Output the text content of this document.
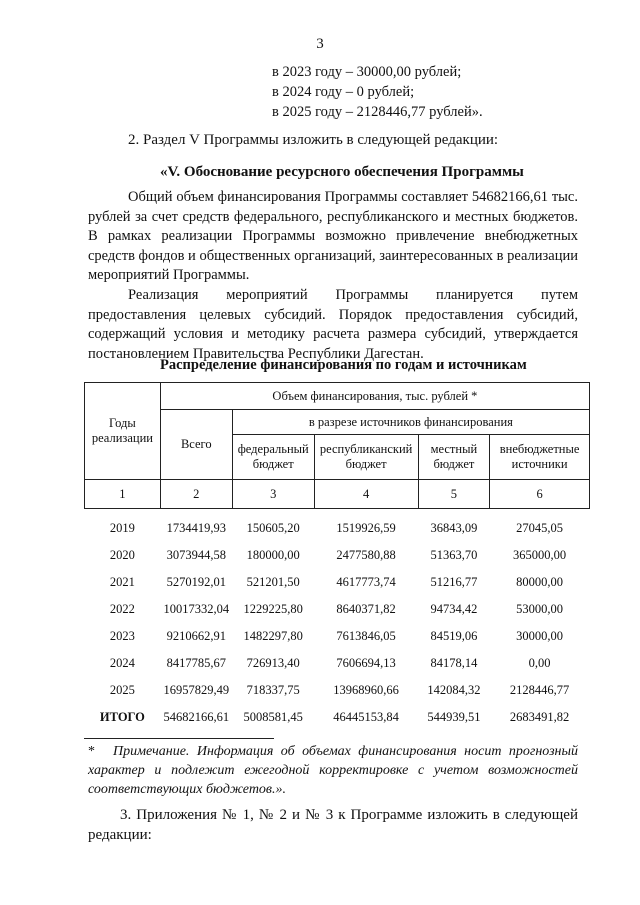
3
в 2023 году – 30000,00 рублей;
в 2024 году – 0 рублей;
в 2025 году – 2128446,77 рублей».
2. Раздел V Программы изложить в следующей редакции:
«V. Обоснование ресурсного обеспечения Программы
Общий объем финансирования Программы составляет 54682166,61 тыс. рублей за счет средств федерального, республиканского и местных бюджетов. В рамках реализации Программы возможно привлечение внебюджетных средств фондов и общественных организаций, заинтересованных в реализации мероприятий Программы.
Реализация мероприятий Программы планируется путем предоставления целевых субсидий. Порядок предоставления субсидий, содержащий условия и методику расчета размера субсидий, утверждается постановлением Правительства Республики Дагестан.
Распределение финансирования по годам и источникам
Годы реализации	Объем финансирования, тыс. рублей *				
	Всего	в разрезе источников финансирования			
		федеральный бюджет	республиканский бюджет	местный бюджет	внебюджетные источники
1	2	3	4	5	6
2019	1734419,93	150605,20	1519926,59	36843,09	27045,05
2020	3073944,58	180000,00	2477580,88	51363,70	365000,00
2021	5270192,01	521201,50	4617773,74	51216,77	80000,00
2022	10017332,04	1229225,80	8640371,82	94734,42	53000,00
2023	9210662,91	1482297,80	7613846,05	84519,06	30000,00
2024	8417785,67	726913,40	7606694,13	84178,14	0,00
2025	16957829,49	718337,75	13968960,66	142084,32	2128446,77
ИТОГО	54682166,61	5008581,45	46445153,84	544939,51	2683491,82
* Примечание. Информация об объемах финансирования носит прогнозный характер и подлежит ежегодной корректировке с учетом возможностей соответствующих бюджетов.».
3. Приложения № 1, № 2 и № 3 к Программе изложить в следующей редакции:
